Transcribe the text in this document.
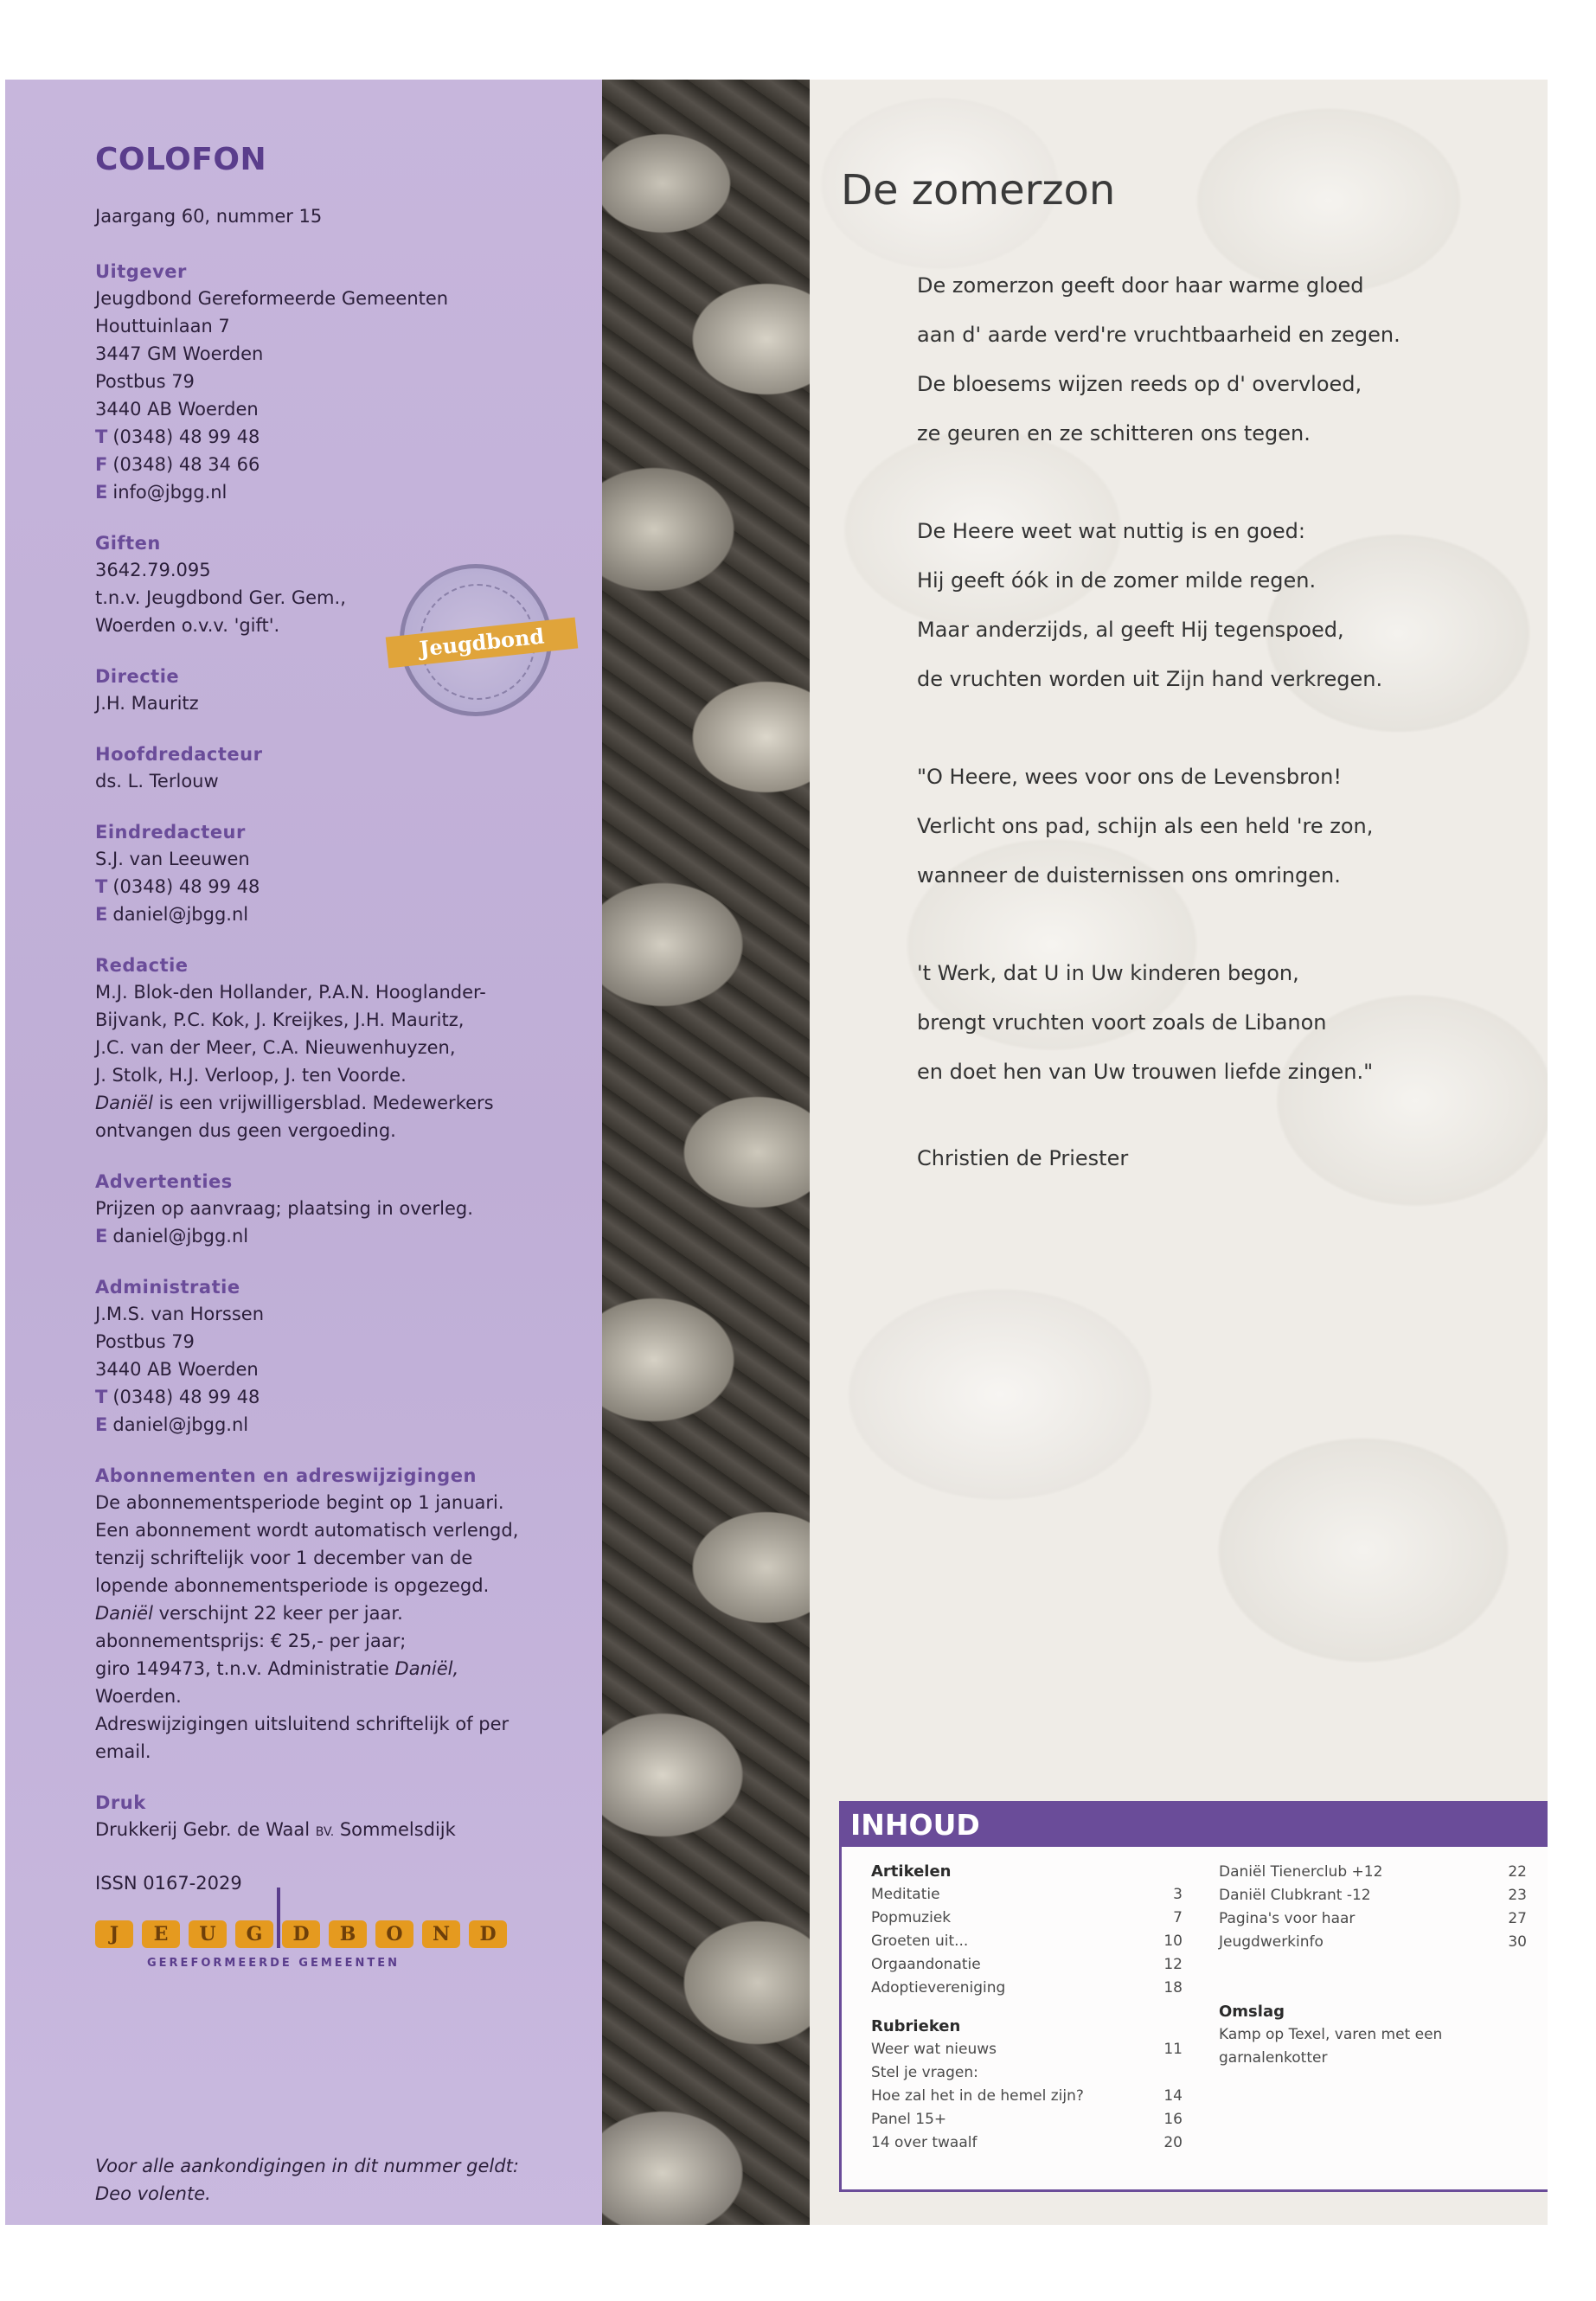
COLOFON
Jaargang 60, nummer 15
Uitgever
Jeugdbond Gereformeerde Gemeenten
Houttuinlaan 7
3447 GM Woerden
Postbus 79
3440 AB Woerden
T (0348) 48 99 48
F (0348) 48 34 66
E info@jbgg.nl
Giften
3642.79.095
t.n.v. Jeugdbond Ger. Gem.,
Woerden o.v.v. 'gift'.
Directie
J.H. Mauritz
Hoofdredacteur
ds. L. Terlouw
Eindredacteur
S.J. van Leeuwen
T (0348) 48 99 48
E daniel@jbgg.nl
Redactie
M.J. Blok-den Hollander, P.A.N. Hooglander-
Bijvank, P.C. Kok, J. Kreijkes, J.H. Mauritz,
J.C. van der Meer, C.A. Nieuwenhuyzen,
J. Stolk, H.J. Verloop, J. ten Voorde.
Daniël is een vrijwilligersblad. Medewerkers
ontvangen dus geen vergoeding.
Advertenties
Prijzen op aanvraag; plaatsing in overleg.
E daniel@jbgg.nl
Administratie
J.M.S. van Horssen
Postbus 79
3440 AB Woerden
T (0348) 48 99 48
E daniel@jbgg.nl
Abonnementen en adreswijzigingen
De abonnementsperiode begint op 1 januari.
Een abonnement wordt automatisch verlengd,
tenzij schriftelijk voor 1 december van de
lopende abonnementsperiode is opgezegd.
Daniël verschijnt 22 keer per jaar.
abonnementsprijs: € 25,- per jaar;
giro 149473, t.n.v. Administratie Daniël,
Woerden.
Adreswijzigingen uitsluitend schriftelijk of per
email.
Druk
Drukkerij Gebr. de Waal BV. Sommelsdijk
ISSN 0167-2029
J	E	U	G	D	B	O	N	D
GEREFORMEERDE GEMEENTEN
Jeugdbond
Voor alle aankondigingen in dit nummer geldt:
Deo volente.
De zomerzon
De zomerzon geeft door haar warme gloed
aan d' aarde verd're vruchtbaarheid en zegen.
De bloesems wijzen reeds op d' overvloed,
ze geuren en ze schitteren ons tegen.
De Heere weet wat nuttig is en goed:
Hij geeft óók in de zomer milde regen.
Maar anderzijds, al geeft Hij tegenspoed,
de vruchten worden uit Zijn hand verkregen.
"O Heere, wees voor ons de Levensbron!
Verlicht ons pad, schijn als een held 're zon,
wanneer de duisternissen ons omringen.
't Werk, dat U in Uw kinderen begon,
brengt vruchten voort zoals de Libanon
en doet hen van Uw trouwen liefde zingen."
Christien de Priester
INHOUD
Artikelen
Meditatie	3
Popmuziek	7
Groeten uit...	10
Orgaandonatie	12
Adoptievereniging	18
Rubrieken
Weer wat nieuws	11
Stel je vragen:
Hoe zal het in de hemel zijn?	14
Panel 15+	16
14 over twaalf	20
Daniël Tienerclub +12	22
Daniël Clubkrant -12	23
Pagina's voor haar	27
Jeugdwerkinfo	30
Omslag
Kamp op Texel, varen met een
garnalenkotter
